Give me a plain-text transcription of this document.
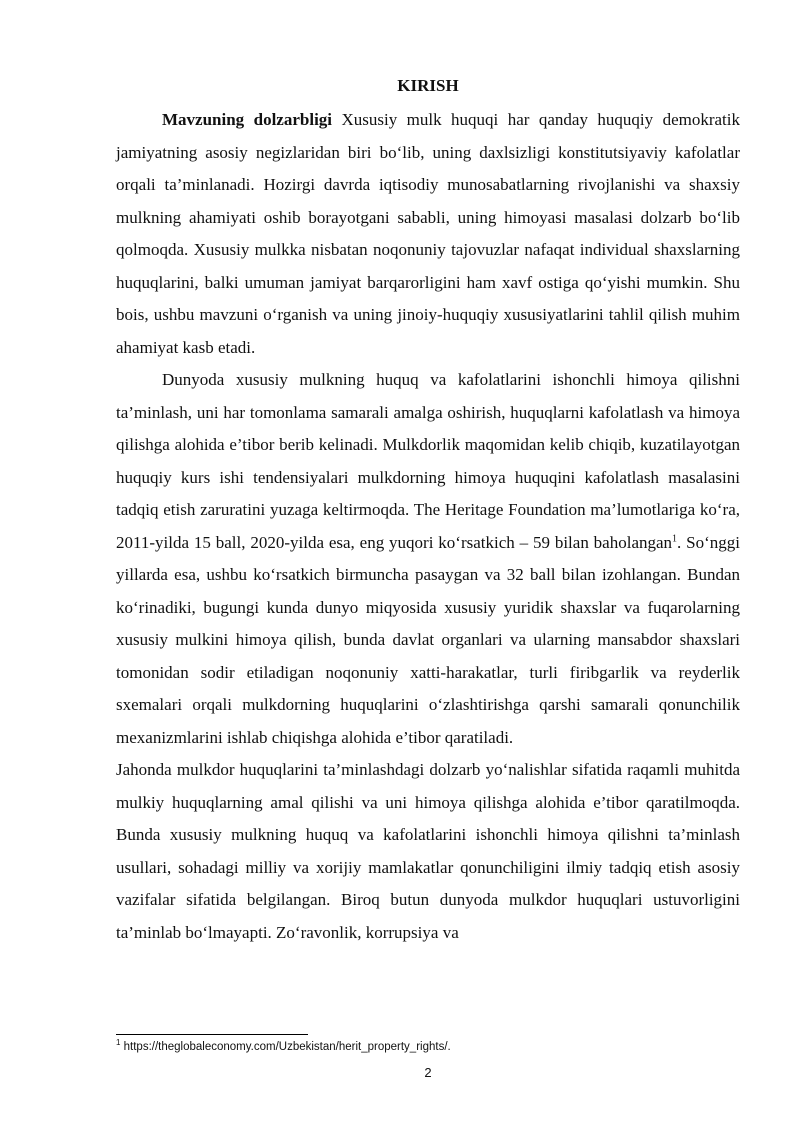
KIRISH

Mavzuning dolzarbligi Xususiy mulk huquqi har qanday huquqiy demokratik jamiyatning asosiy negizlaridan biri bo‘lib, uning daxlsizligi konstitutsiyaviy kafolatlar orqali ta’minlanadi. Hozirgi davrda iqtisodiy munosabatlarning rivojlanishi va shaxsiy mulkning ahamiyati oshib borayotgani sababli, uning himoyasi masalasi dolzarb bo‘lib qolmoqda. Xususiy mulkka nisbatan noqonuniy tajovuzlar nafaqat individual shaxslarning huquqlarini, balki umuman jamiyat barqarorligini ham xavf ostiga qo‘yishi mumkin. Shu bois, ushbu mavzuni o‘rganish va uning jinoiy-huquqiy xususiyatlarini tahlil qilish muhim ahamiyat kasb etadi.

Dunyoda xususiy mulkning huquq va kafolatlarini ishonchli himoya qilishni ta’minlash, uni har tomonlama samarali amalga oshirish, huquqlarni kafolatlash va himoya qilishga alohida e’tibor berib kelinadi. Mulkdorlik maqomidan kelib chiqib, kuzatilayotgan huquqiy kurs ishi tendensiyalari mulkdorning himoya huquqini kafolatlash masalasini tadqiq etish zaruratini yuzaga keltirmoqda. The Heritage Foundation ma’lumotlariga ko‘ra, 2011-yilda 15 ball, 2020-yilda esa, eng yuqori ko‘rsatkich – 59 bilan baholangan$^1$. So‘nggi yillarda esa, ushbu ko‘rsatkich birmuncha pasaygan va 32 ball bilan izohlangan. Bundan ko‘rinadiki, bugungi kunda dunyo miqyosida xususiy yuridik shaxslar va fuqarolarning xususiy mulkini himoya qilish, bunda davlat organlari va ularning mansabdor shaxslari tomonidan sodir etiladigan noqonuniy xatti-harakatlar, turli firibgarlik va reyderlik sxemalari orqali mulkdorning huquqlarini o‘zlashtirishga qarshi samarali qonunchilik mexanizmlarini ishlab chiqishga alohida e’tibor qaratiladi.

Jahonda mulkdor huquqlarini ta’minlashdagi dolzarb yo‘nalishlar sifatida raqamli muhitda mulkiy huquqlarning amal qilishi va uni himoya qilishga alohida e’tibor qaratilmoqda. Bunda xususiy mulkning huquq va kafolatlarini ishonchli himoya qilishni ta’minlash usullari, sohadagi milliy va xorijiy mamlakatlar qonunchiligini ilmiy tadqiq etish asosiy vazifalar sifatida belgilangan. Biroq butun dunyoda mulkdor huquqlari ustuvorligini ta’minlab bo‘lmayapti. Zo‘ravonlik, korrupsiya va

$^1$ https://theglobaleconomy.com/Uzbekistan/herit_property_rights/.
2
